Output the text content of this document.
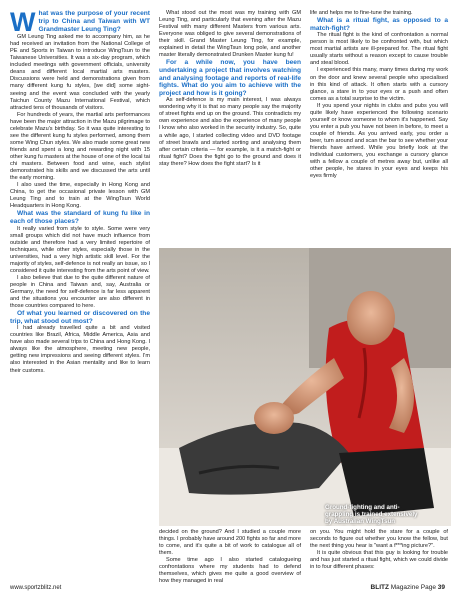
What was the purpose of your recent trip to China and Taiwan with WT Grandmaster Leung Ting?

GM Leung Ting asked me to accompany him, as he had received an invitation from the National College of PE and Sports in Taiwan to introduce WingTsun to the Taiwanese Universities. It was a six-day program, which included meetings with government officials, university deans and different local martial arts masters. Discussions were held and demonstrations given from many different kung fu styles, [we did] some sight-seeing and the event was concluded with the yearly Taichun County Mazu International Festival, which attracted tens of thousands of visitors.

For hundreds of years, the martial arts performances have been the major attraction in the Mazu pilgrimage to celebrate Mazu's birthday. So it was quite interesting to see the different kung fu styles performed, among them some Wing Chun styles. We also made some great new friends and spent a long and rewarding night with 15 other kung fu masters at the house of one of the local tai chi masters. Between food and wine, each stylist demonstrated his skills and we discussed the arts until the early morning.

I also used the time, especially in Hong Kong and China, to get the occasional private lesson with GM Leung Ting and to train at the WingTsun World Headquarters in Hong Kong.

What was the standard of kung fu like in each of those places?

It really varied from style to style. Some were very small groups which did not have much influence from outside and therefore had a very limited repertoire of techniques, while other styles, especially those in the universities, had a very high artistic skill level. For the majority of styles, self-defence is not really an issue, so I considered it quite interesting from the arts point of view.

I also believe that due to the quite different nature of people in China and Taiwan and, say, Australia or Germany, the need for self-defence is far less apparent and the situations you encounter are also different in those countries compared to here.

Of what you learned or discovered on the trip, what stood out most?

I had already travelled quite a bit and visited countries like Brazil, Africa, Middle America, Asia and have also made several trips to China and Hong Kong. I always like the atmosphere, meeting new people, getting new impressions and seeing different styles. I'm also interested in the Asian mentality and like to learn their customs.

What stood out the most was my training with GM Leung Ting, and particularly that evening after the Mazu Festival with many different Masters from various arts. Everyone was obliged to give several demonstrations of their skill. Grand Master Leung Ting, for example, explained in detail the WingTsun long pole, and another master literally demonstrated Drunken Master kung fu!

For a while now, you have been undertaking a project that involves watching and analysing footage and reports of real-life fights. What do you aim to achieve with the project and how is it going?

As self-defence is my main interest, I was always wondering why it is that so many people say the majority of street fights end up on the ground. This contradicts my own experience and also the experience of many people I know who also worked in the security industry. So, quite a while ago, I started collecting video and DVD footage of street brawls and started sorting and analysing them after certain criteria — for example, is it a match-fight or ritual fight? Does the fight go to the ground and does it stay there? How does the fight start? Is it

life and helps me to fine-tune the training.

What is a ritual fight, as opposed to a match-fight?

The ritual fight is the kind of confrontation a normal person is most likely to be confronted with, but which most martial artists are ill-prepared for. The ritual fight usually starts without a reason except to cause trouble and steal blood.

I experienced this many, many times during my work on the door and knew several people who specialised in this kind of attack. It often starts with a cursory glance, a stare in to your eyes or a push and often comes as a total surprise to the victim.

If you spend your nights in clubs and pubs you will quite likely have experienced the following scenario yourself or know someone to whom it's happened. Say you enter a pub you have not been in before, to meet a couple of friends. As you arrived early, you order a beer, turn around and scan the bar to see whether your friends have arrived. While you briefly look at the individual customers, you exchange a cursory glance with a fellow a couple of metres away but, unlike all other people, he stares in your eyes and keeps his eyes firmly

Ground-fighting and anti-grappling is trained extensively by Australian WingTsun

decided on the ground? And I studied a couple more things. I probably have around 200 fights so far and more to come, and it's quite a bit of work to catalogue all of them.

Some time ago I also started catalogueing confrontations where my students had to defend themselves, which gives me quite a good overview of how they managed in real

on you. You might hold the stare for a couple of seconds to figure out whether you know the fellow, but the next thing you hear is "want a f***ing picture?".

It is quite obvious that this guy is looking for trouble and has just started a ritual fight, which we could divide in to four different phases:

www.sportzblitz.net	BLITZ Magazine Page 39
